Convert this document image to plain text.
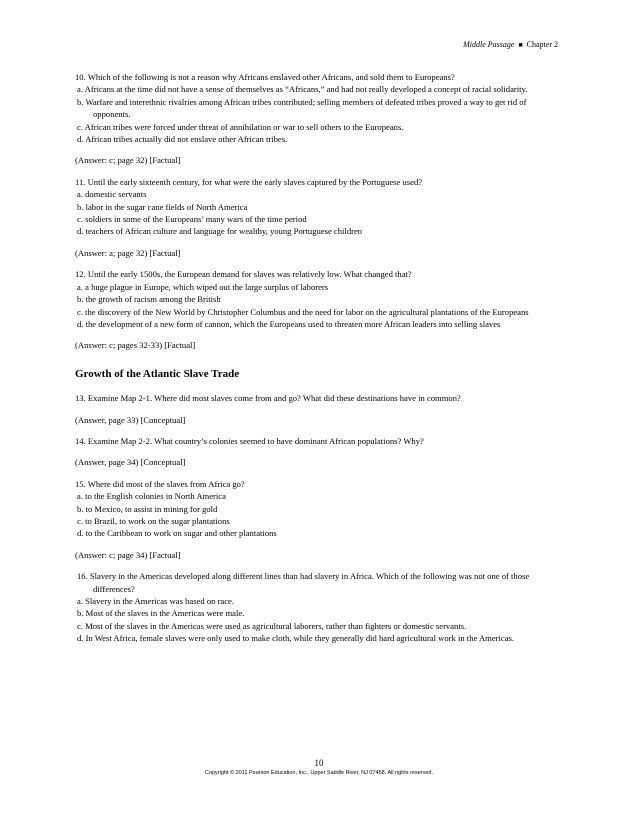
Middle Passage ■ Chapter 2

10. Which of the following is not a reason why Africans enslaved other Africans, and sold them to Europeans?

a. Africans at the time did not have a sense of themselves as “Africans,” and had not really developed a concept of racial solidarity.

b. Warfare and interethnic rivalries among African tribes contributed; selling members of defeated tribes proved a way to get rid of opponents.

c. African tribes were forced under threat of annihilation or war to sell others to the Europeans.

d. African tribes actually did not enslave other African tribes.

(Answer: c; page 32) [Factual]

11. Until the early sixteenth century, for what were the early slaves captured by the Portuguese used?

a. domestic servants

b. labor in the sugar cane fields of North America

c. soldiers in some of the Europeans’ many wars of the time period

d. teachers of African culture and language for wealthy, young Portuguese children

(Answer: a; page 32) [Factual]

12. Until the early 1500s, the European demand for slaves was relatively low. What changed that?

a. a huge plague in Europe, which wiped out the large surplus of laborers

b. the growth of racism among the British

c. the discovery of the New World by Christopher Columbus and the need for labor on the agricultural plantations of the Europeans

d. the development of a new form of cannon, which the Europeans used to threaten more African leaders into selling slaves

(Answer: c; pages 32-33) [Factual]

Growth of the Atlantic Slave Trade

13. Examine Map 2-1. Where did most slaves come from and go? What did these destinations have in common?

(Answer, page 33) [Conceptual]

14. Examine Map 2-2. What country’s colonies seemed to have dominant African populations? Why?

(Answer, page 34) [Conceptual]

15. Where did most of the slaves from Africa go?

a. to the English colonies in North America

b. to Mexico, to assist in mining for gold

c. to Brazil, to work on the sugar plantations

d. to the Caribbean to work on sugar and other plantations

(Answer: c; page 34) [Factual]

16. Slavery in the Americas developed along different lines than had slavery in Africa. Which of the following was not one of those differences?

a. Slavery in the Americas was based on race.

b. Most of the slaves in the Americas were male.

c. Most of the slaves in the Americas were used as agricultural laborers, rather than fighters or domestic servants.

d. In West Africa, female slaves were only used to make cloth, while they generally did hard agricultural work in the Americas.

10
Copyright © 2011 Pearson Education, Inc., Upper Saddle River, NJ 07458. All rights reserved.
